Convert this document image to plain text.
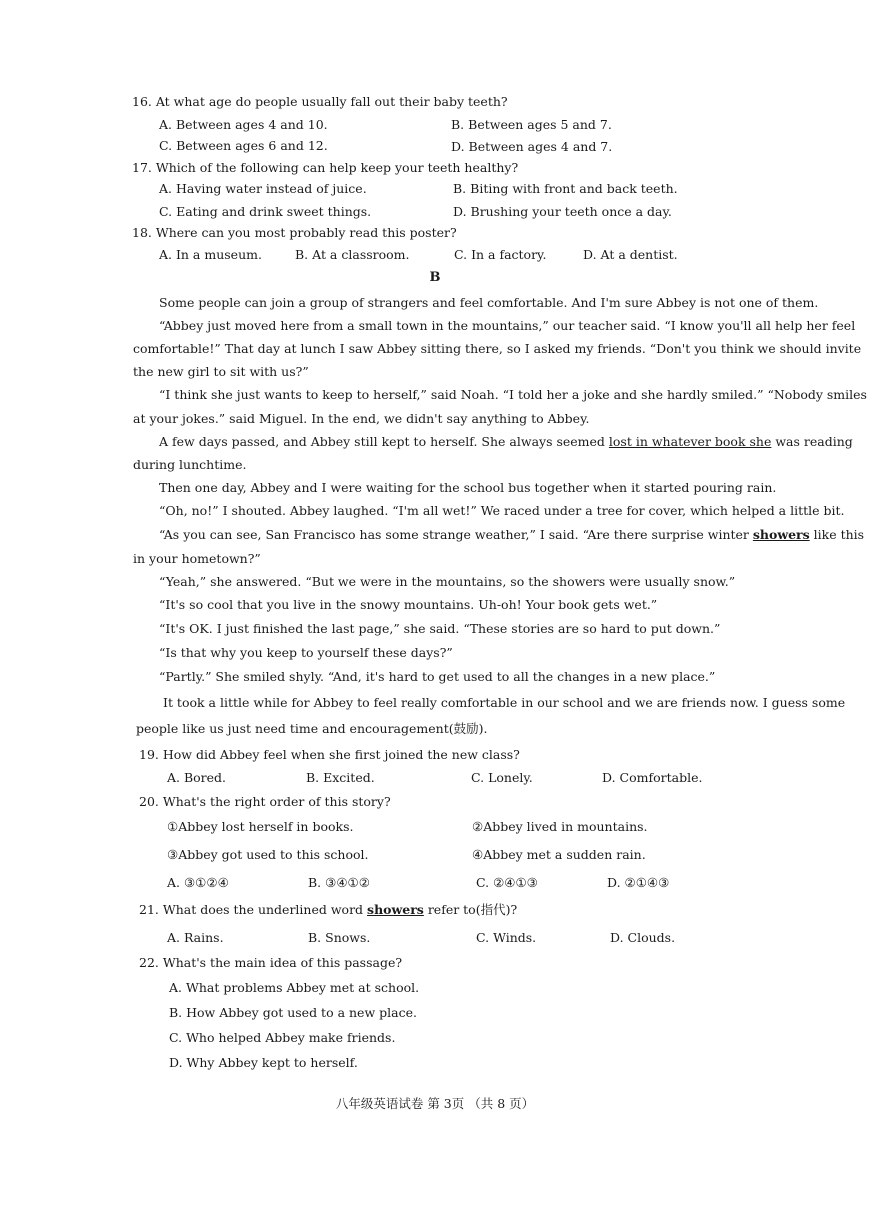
16. At what age do people usually fall out their baby teeth?
A. Between ages 4 and 10.	B. Between ages 5 and 7.
C. Between ages 6 and 12.	D. Between ages 4 and 7.
17. Which of the following can help keep your teeth healthy?
A. Having water instead of juice.	B. Biting with front and back teeth.
C. Eating and drink sweet things.	D. Brushing your teeth once a day.
18. Where can you most probably read this poster?
A. In a museum.	B. At a classroom.	C. In a factory.	D. At a dentist.
B
Some people can join a group of strangers and feel comfortable. And I'm sure Abbey is not one of them.
“Abbey just moved here from a small town in the mountains,” our teacher said. “I know you'll all help her feel
comfortable!” That day at lunch I saw Abbey sitting there, so I asked my friends. “Don't you think we should invite
the new girl to sit with us?”
“I think she just wants to keep to herself,” said Noah. “I told her a joke and she hardly smiled.” “Nobody smiles
at your jokes.” said Miguel. In the end, we didn't say anything to Abbey.
A few days passed, and Abbey still kept to herself. She always seemed lost in whatever book she was reading
during lunchtime.
Then one day, Abbey and I were waiting for the school bus together when it started pouring rain.
“Oh, no!” I shouted. Abbey laughed. “I'm all wet!” We raced under a tree for cover, which helped a little bit.
“As you can see, San Francisco has some strange weather,” I said. “Are there surprise winter showers like this
in your hometown?”
“Yeah,” she answered. “But we were in the mountains, so the showers were usually snow.”
“It's so cool that you live in the snowy mountains. Uh-oh! Your book gets wet.”
“It's OK. I just finished the last page,” she said. “These stories are so hard to put down.”
“Is that why you keep to yourself these days?”
“Partly.” She smiled shyly. “And, it's hard to get used to all the changes in a new place.”
It took a little while for Abbey to feel really comfortable in our school and we are friends now. I guess some
people like us just need time and encouragement(鼓励).
19. How did Abbey feel when she first joined the new class?
A. Bored.	B. Excited.	C. Lonely.	D. Comfortable.
20. What's the right order of this story?
①Abbey lost herself in books.	②Abbey lived in mountains.
③Abbey got used to this school.	④Abbey met a sudden rain.
A. ③①②④	B. ③④①②	C. ②④①③	D. ②①④③
21. What does the underlined word showers refer to(指代)?
A. Rains.	B. Snows.	C. Winds.	D. Clouds.
22. What's the main idea of this passage?
A. What problems Abbey met at school.
B. How Abbey got used to a new place.
C. Who helped Abbey make friends.
D. Why Abbey kept to herself.
八年级英语试卷 第 3页 （共 8 页）
